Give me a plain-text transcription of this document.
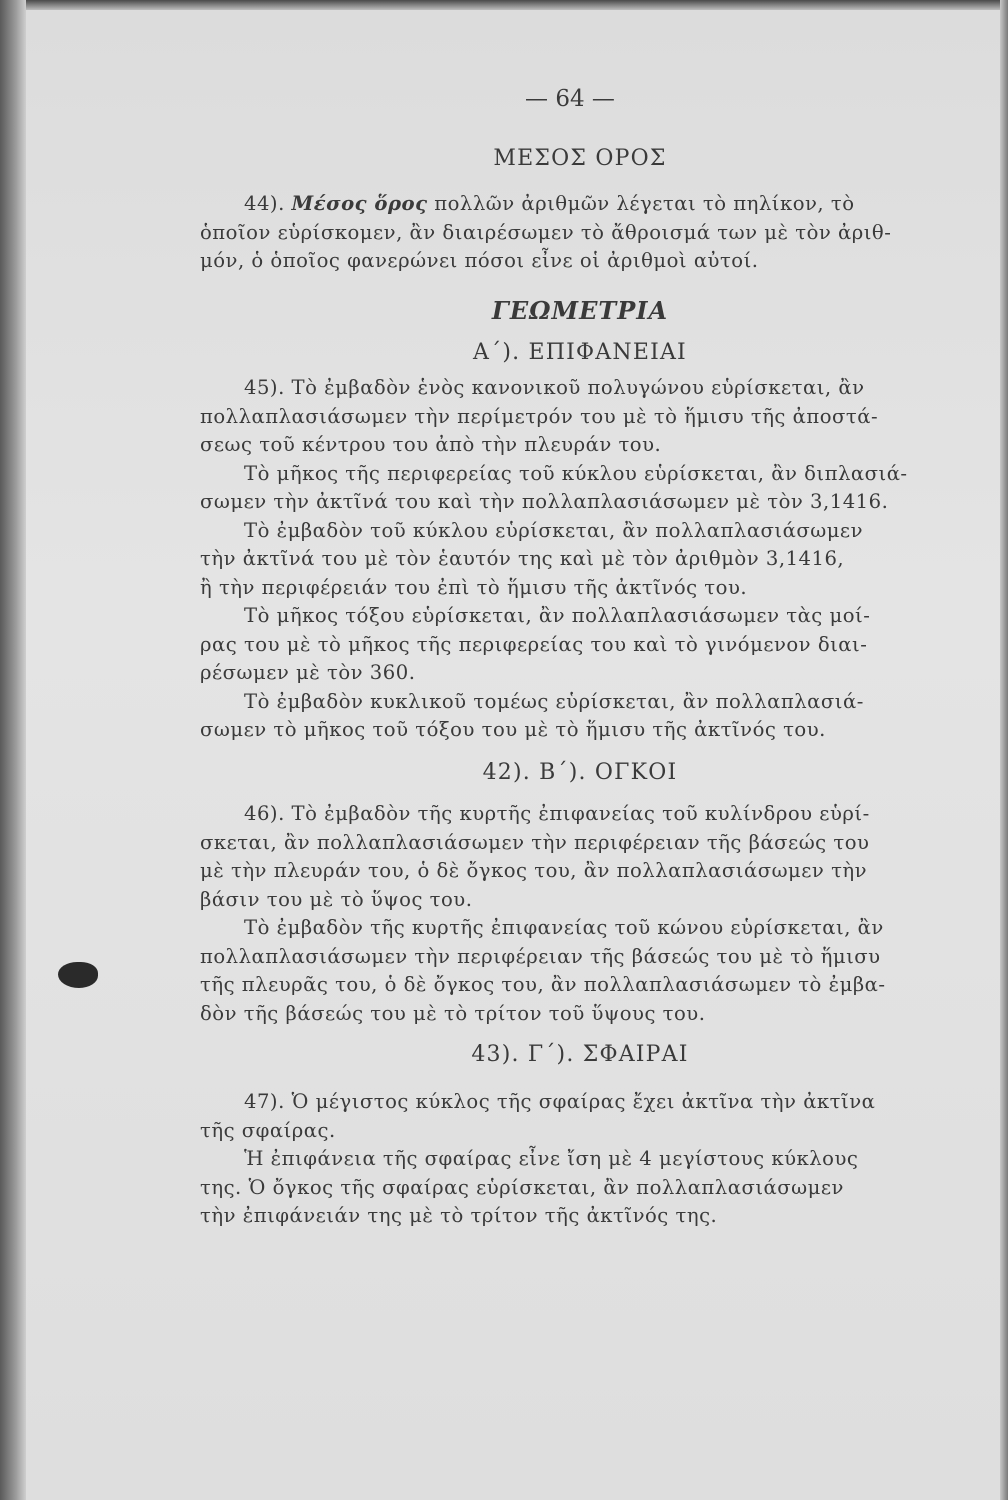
— 64 —
ΜΕΣΟΣ ΟΡΟΣ
44). Μέσος ὅρος πολλῶν ἀριθμῶν λέγεται τὸ πηλίκον, τὸ
ὁποῖον εὑρίσκομεν, ἂν διαιρέσωμεν τὸ ἄθροισμά των μὲ τὸν ἀριθ-
μόν, ὁ ὁποῖος φανερώνει πόσοι εἶνε οἱ ἀριθμοὶ αὐτοί.
ΓΕΩΜΕΤΡΙΑ
Α΄). ΕΠΙΦΑΝΕΙΑΙ
45). Τὸ ἐμβαδὸν ἑνὸς κανονικοῦ πολυγώνου εὑρίσκεται, ἂν
πολλαπλασιάσωμεν τὴν περίμετρόν του μὲ τὸ ἥμισυ τῆς ἀποστά-
σεως τοῦ κέντρου του ἀπὸ τὴν πλευράν του.
Τὸ μῆκος τῆς περιφερείας τοῦ κύκλου εὑρίσκεται, ἂν διπλασιά-
σωμεν τὴν ἀκτῖνά του καὶ τὴν πολλαπλασιάσωμεν μὲ τὸν 3,1416.
Τὸ ἐμβαδὸν τοῦ κύκλου εὑρίσκεται, ἂν πολλαπλασιάσωμεν
τὴν ἀκτῖνά του μὲ τὸν ἑαυτόν της καὶ μὲ τὸν ἀριθμὸν 3,1416,
ἢ τὴν περιφέρειάν του ἐπὶ τὸ ἥμισυ τῆς ἀκτῖνός του.
Τὸ μῆκος τόξου εὑρίσκεται, ἂν πολλαπλασιάσωμεν τὰς μοί-
ρας του μὲ τὸ μῆκος τῆς περιφερείας του καὶ τὸ γινόμενον διαι-
ρέσωμεν μὲ τὸν 360.
Τὸ ἐμβαδὸν κυκλικοῦ τομέως εὑρίσκεται, ἂν πολλαπλασιά-
σωμεν τὸ μῆκος τοῦ τόξου του μὲ τὸ ἥμισυ τῆς ἀκτῖνός του.
42). Β΄). ΟΓΚΟΙ
46). Τὸ ἐμβαδὸν τῆς κυρτῆς ἐπιφανείας τοῦ κυλίνδρου εὑρί-
σκεται, ἂν πολλαπλασιάσωμεν τὴν περιφέρειαν τῆς βάσεώς του
μὲ τὴν πλευράν του, ὁ δὲ ὄγκος του, ἂν πολλαπλασιάσωμεν τὴν
βάσιν του μὲ τὸ ὕψος του.
Τὸ ἐμβαδὸν τῆς κυρτῆς ἐπιφανείας τοῦ κώνου εὑρίσκεται, ἂν
πολλαπλασιάσωμεν τὴν περιφέρειαν τῆς βάσεώς του μὲ τὸ ἥμισυ
τῆς πλευρᾶς του, ὁ δὲ ὄγκος του, ἂν πολλαπλασιάσωμεν τὸ ἐμβα-
δὸν τῆς βάσεώς του μὲ τὸ τρίτον τοῦ ὕψους του.
43). Γ΄). ΣΦΑΙΡΑΙ
47). Ὁ μέγιστος κύκλος τῆς σφαίρας ἔχει ἀκτῖνα τὴν ἀκτῖνα
τῆς σφαίρας.
Ἡ ἐπιφάνεια τῆς σφαίρας εἶνε ἴση μὲ 4 μεγίστους κύκλους
της. Ὁ ὄγκος τῆς σφαίρας εὑρίσκεται, ἂν πολλαπλασιάσωμεν
τὴν ἐπιφάνειάν της μὲ τὸ τρίτον τῆς ἀκτῖνός της.
